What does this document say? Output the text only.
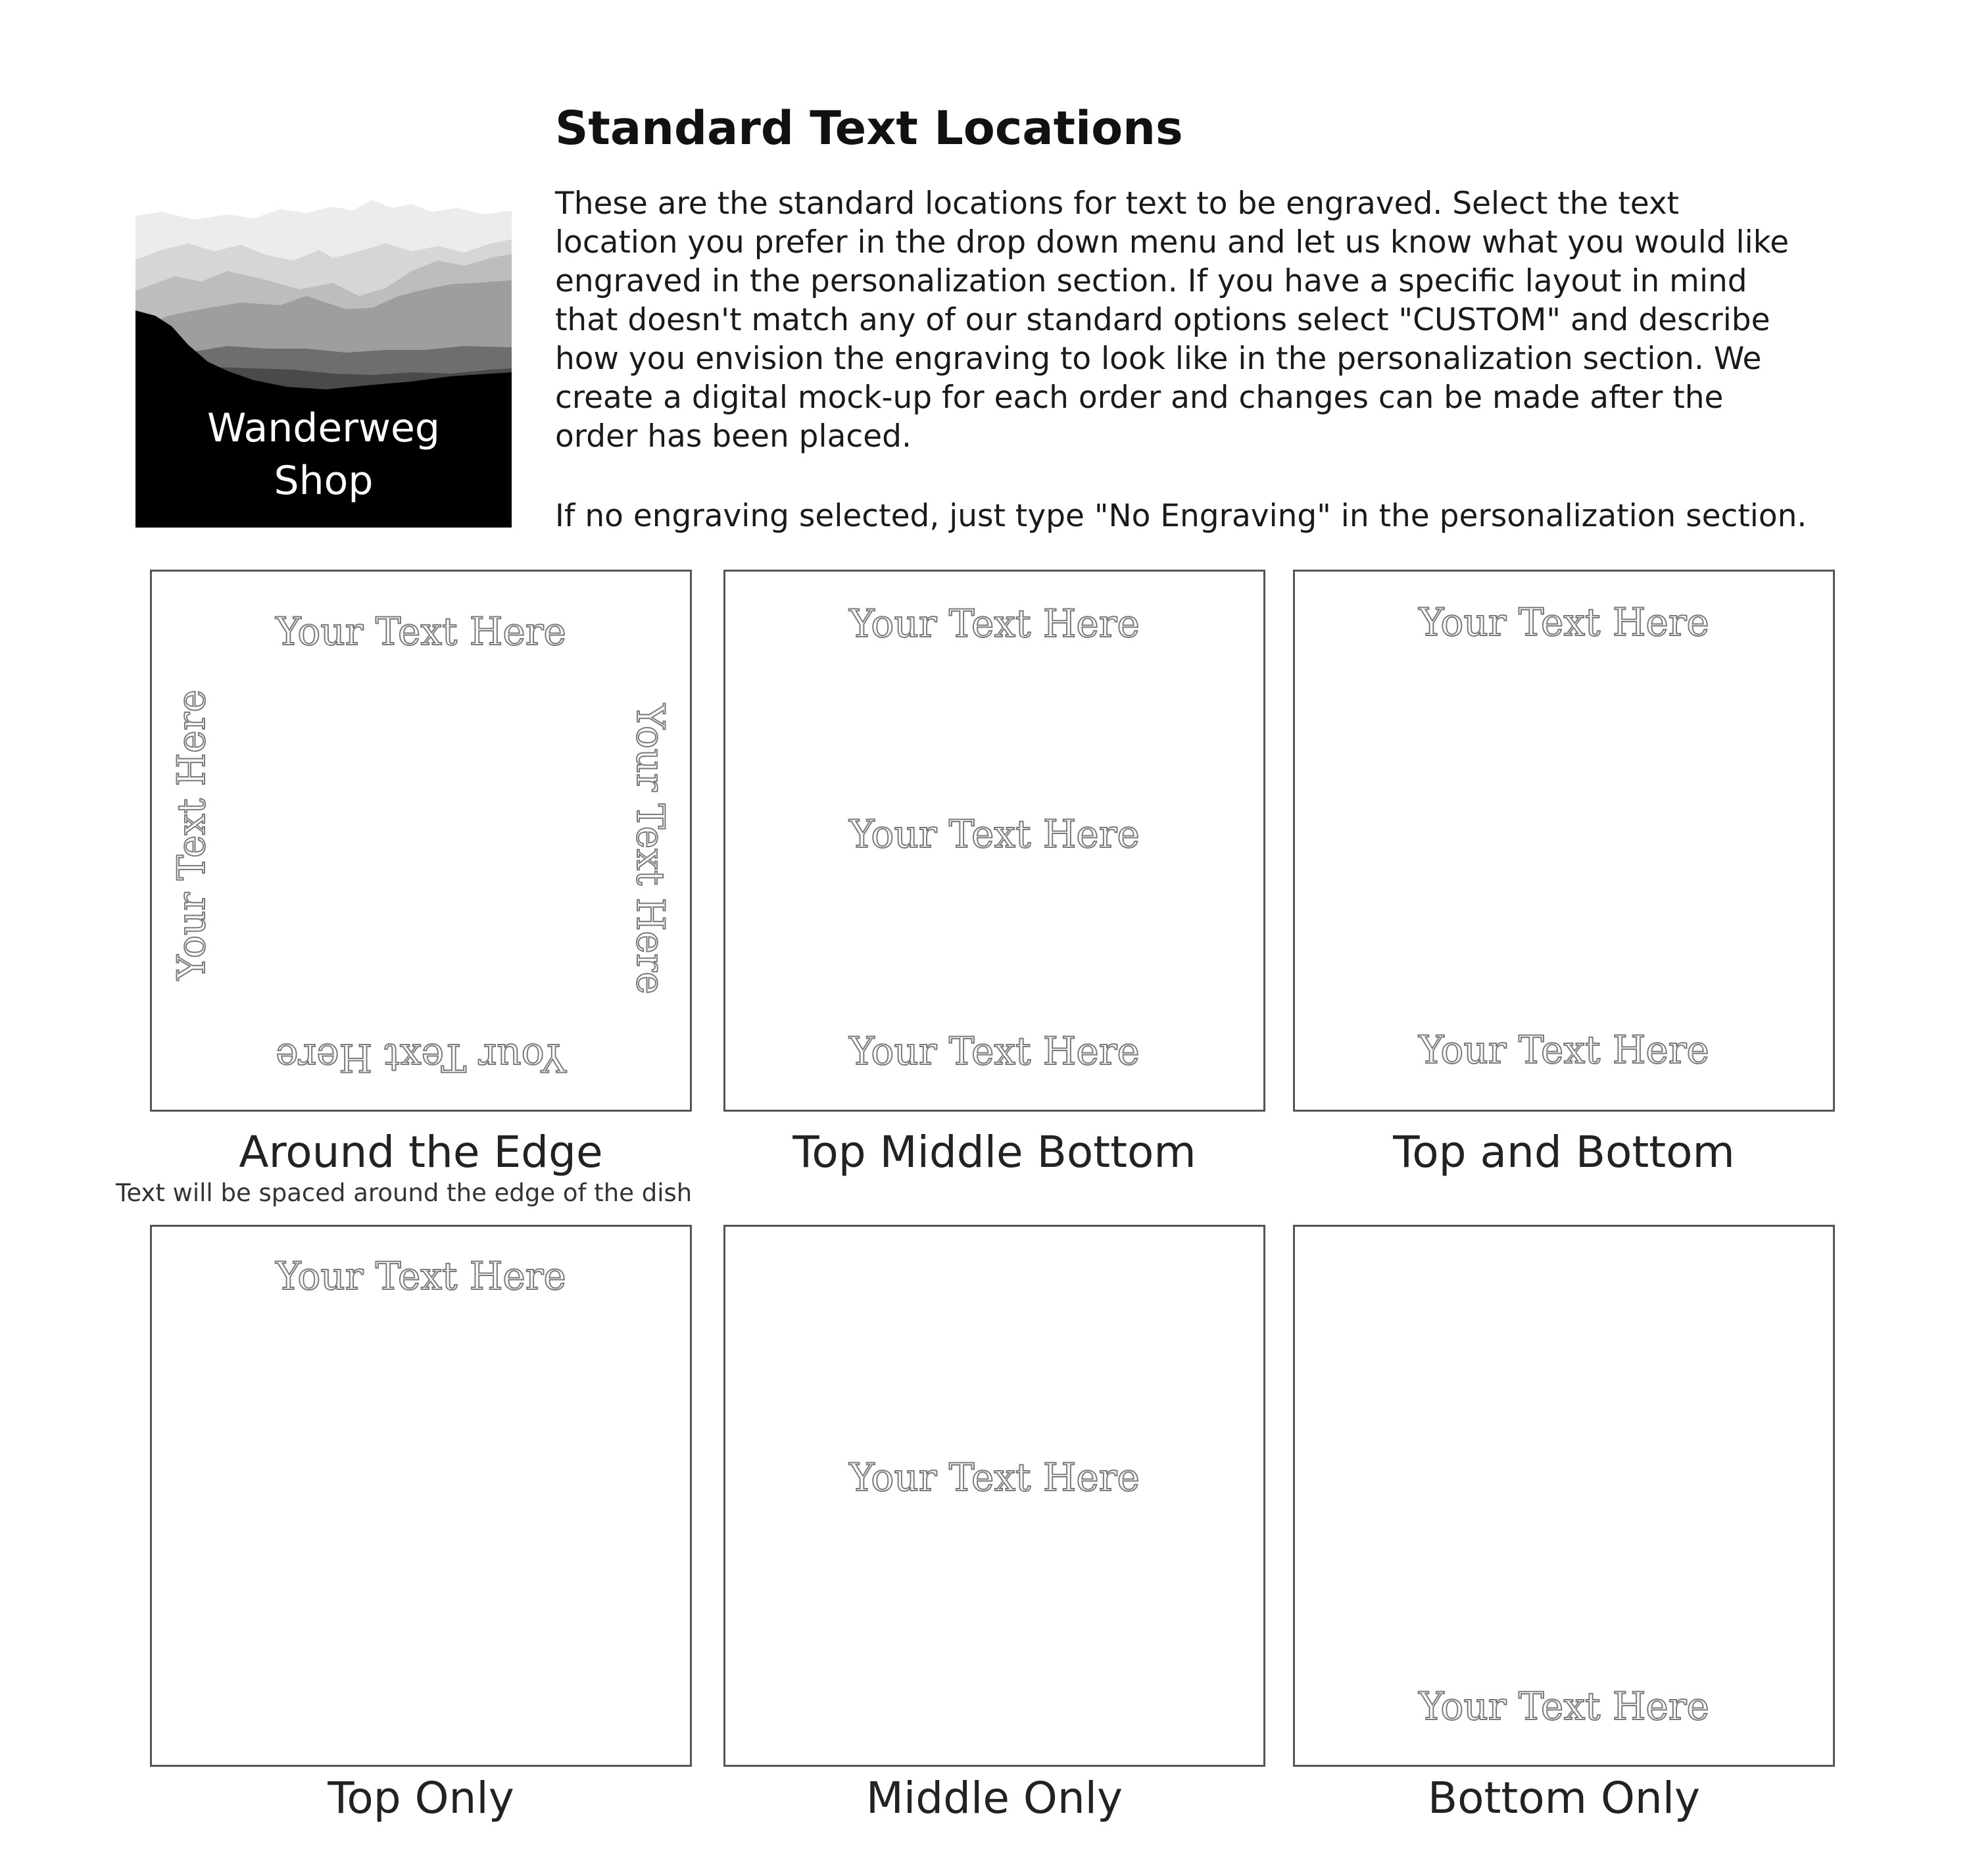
Wanderweg
Shop
Standard Text Locations
These are the standard locations for text to be engraved. Select the text
location you prefer in the drop down menu and let us know what you would like
engraved in the personalization section. If you have a specific layout in mind
that doesn't match any of our standard options select "CUSTOM" and describe
how you envision the engraving to look like in the personalization section. We
create a digital mock-up for each order and changes can be made after the
order has been placed.
If no engraving selected, just type "No Engraving" in the personalization section.
Your Text Here
Your Text Here
Your Text Here	Your Text Here
Around the Edge
Text will be spaced around the edge of the dish
Your Text Here
Your Text Here
Your Text Here
Top Middle Bottom
Your Text Here
Your Text Here
Top and Bottom
Your Text Here
Top Only
Your Text Here
Middle Only
Your Text Here
Bottom Only
